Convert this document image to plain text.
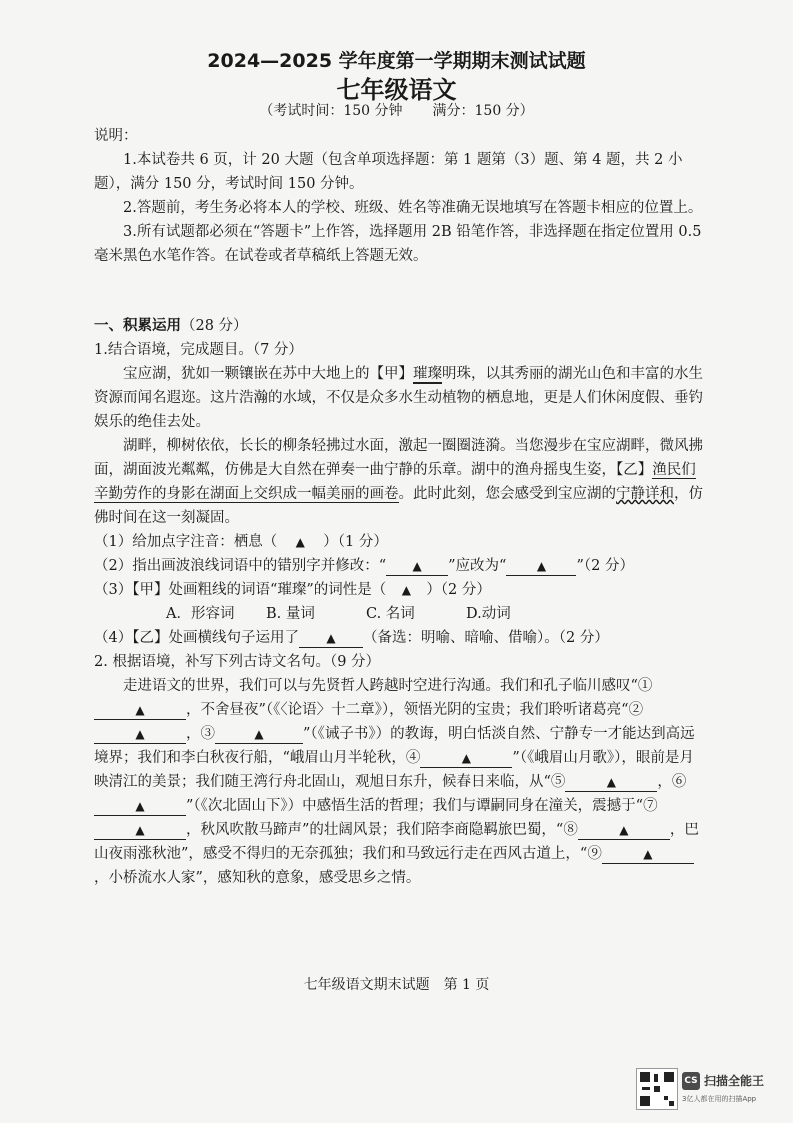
2024—2025 学年度第一学期期末测试试题
七年级语文
（考试时间：150 分钟 满分：150 分）
说明：
1.本试卷共 6 页，计 20 大题（包含单项选择题：第 1 题第（3）题、第 4 题，共 2 小题），满分 150 分，考试时间 150 分钟。
2.答题前，考生务必将本人的学校、班级、姓名等准确无误地填写在答题卡相应的位置上。
3.所有试题都必须在“答题卡”上作答，选择题用 2B 铅笔作答，非选择题在指定位置用 0.5 毫米黑色水笔作答。在试卷或者草稿纸上答题无效。
一、积累运用（28 分）
1.结合语境，完成题目。（7 分）
宝应湖，犹如一颗镶嵌在苏中大地上的【甲】璀璨明珠，以其秀丽的湖光山色和丰富的水生资源而闻名遐迩。这片浩瀚的水域，不仅是众多水生动植物的栖息地，更是人们休闲度假、垂钓娱乐的绝佳去处。
湖畔，柳树依依，长长的柳条轻拂过水面，激起一圈圈涟漪。当您漫步在宝应湖畔，微风拂面，湖面波光粼粼，仿佛是大自然在弹奏一曲宁静的乐章。湖中的渔舟摇曳生姿，【乙】渔民们辛勤劳作的身影在湖面上交织成一幅美丽的画卷。此时此刻，您会感受到宝应湖的宁静详和，仿佛时间在这一刻凝固。
（1）给加点字注音：栖息（ ▲ ）（1 分）
（2）指出画波浪线词语中的错别字并修改：“ ▲ ”应改为“	▲ ”（2 分）
（3）【甲】处画粗线的词语“璀璨”的词性是（ ▲ ）（2 分）
A．形容词 B. 量词	C. 名词	D.动词
（4）【乙】处画横线句子运用了 ▲ （备选：明喻、暗喻、借喻）。（2 分）
2. 根据语境，补写下列古诗文名句。（9 分）
走进语文的世界，我们可以与先贤哲人跨越时空进行沟通。我们和孔子临川感叹“①▲	，不舍昼夜”（《〈论语〉十二章》），领悟光阴的宝贵；我们聆听诸葛亮“②▲	，③	▲	”（《诫子书》）的教诲，明白恬淡自然、宁静专一才能达到高远境界；我们和李白秋夜行船，“峨眉山月半轮秋，④	▲	”（《峨眉山月歌》），眼前是月映清江的美景；我们随王湾行舟北固山，观旭日东升，候春日来临，从“⑤	▲	，⑥▲	”（《次北固山下》）中感悟生活的哲理；我们与谭嗣同身在潼关，震撼于“⑦▲	，秋风吹散马蹄声”的壮阔风景；我们陪李商隐羁旅巴蜀，“⑧	▲	，巴山夜雨涨秋池”，感受不得归的无奈孤独；我们和马致远行走在西风古道上，“⑨	▲，小桥流水人家”，感知秋的意象，感受思乡之情。
七年级语文期末试题　第 1 页
CS 扫描全能王
3亿人都在用的扫描App
